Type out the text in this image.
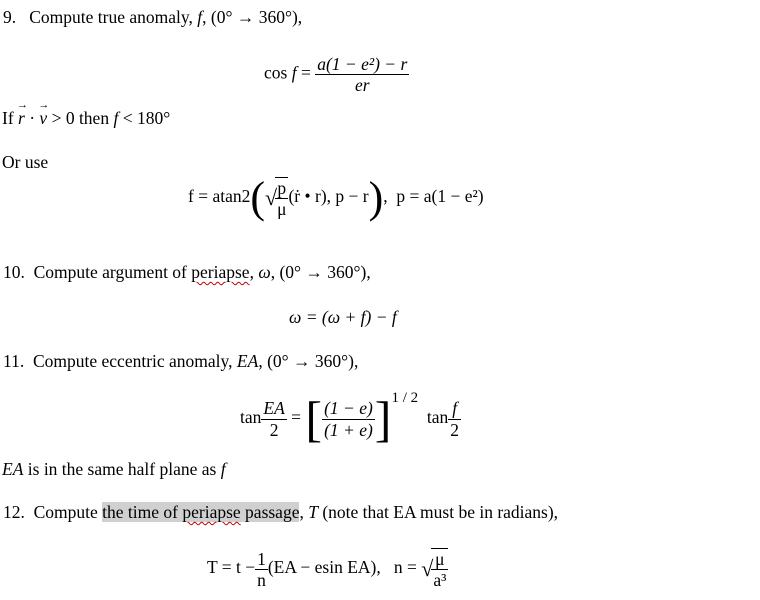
9. Compute true anomaly, f, (0° → 360°),
$\cos f = \frac{\text{a(1 − e²) − r}}{er}$
If → r · → v > 0 then f < 180°
Or use
f = atan2(√
$\frac{p}{\mu}$ (ṙ • r), p − r),  p = a(1 − e²)
10. Compute argument of periapse, ω, (0° → 360°),
ω = (ω + f) − f
11. Compute eccentric anomaly, EA, (0° → 360°),
$\tan \frac{EA}{2}$ = [ $\frac{(1 - e)}{(1 + e)} ]1 / 2$  $\tan \frac{f}{2}$
EA is in the same half plane as f
12. Compute the time of periapse passage, T (note that EA must be in radians),
$T = t - \frac{1}{n} (EA - esin$ EA), n = √
$\frac{\mu}{\text{a³}}$
